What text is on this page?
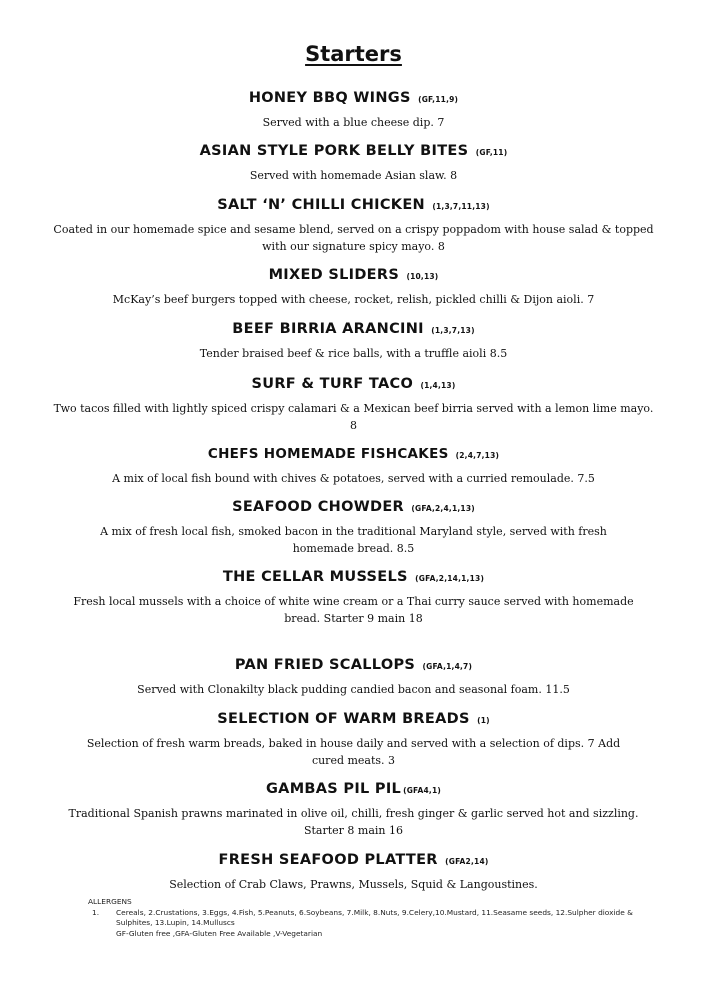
Starters
HONEY BBQ WINGS (GF,11,9)
Served with a blue cheese dip. 7
ASIAN STYLE PORK BELLY BITES (GF,11)
Served with homemade Asian slaw. 8
SALT ‘N’ CHILLI CHICKEN (1,3,7,11,13)
Coated in our homemade spice and sesame blend, served on a crispy poppadom with house salad & topped with our signature spicy mayo. 8
MIXED SLIDERS (10,13)
McKay’s beef burgers topped with cheese, rocket, relish, pickled chilli & Dijon aioli. 7
BEEF BIRRIA ARANCINI (1,3,7,13)
Tender braised beef & rice balls, with a truffle aioli 8.5
SURF & TURF TACO (1,4,13)
Two tacos filled with lightly spiced crispy calamari & a Mexican beef birria served with a lemon lime mayo. 8
CHEFS HOMEMADE FISHCAKES (2,4,7,13)
A mix of local fish bound with chives & potatoes, served with a curried remoulade. 7.5
SEAFOOD CHOWDER (GFA,2,4,1,13)
A mix of fresh local fish, smoked bacon in the traditional Maryland style, served with fresh homemade bread. 8.5
THE CELLAR MUSSELS (GFA,2,14,1,13)
Fresh local mussels with a choice of white wine cream or a Thai curry sauce served with homemade bread. Starter 9 main 18
PAN FRIED SCALLOPS (GFA,1,4,7)
Served with Clonakilty black pudding candied bacon and seasonal foam. 11.5
SELECTION OF WARM BREADS (1)
Selection of fresh warm breads, baked in house daily and served with a selection of dips. 7 Add cured meats. 3
GAMBAS PIL PIL (GFA4,1)
Traditional Spanish prawns marinated in olive oil, chilli, fresh ginger & garlic served hot and sizzling. Starter 8 main 16
FRESH SEAFOOD PLATTER (GFA2,14)
Selection of Crab Claws, Prawns, Mussels, Squid & Langoustines.
ALLERGENS
1.	Cereals, 2.Crustations, 3.Eggs, 4.Fish, 5.Peanuts, 6.Soybeans, 7.Milk, 8.Nuts, 9.Celery,10.Mustard, 11.Seasame seeds, 12.Sulpher dioxide & Sulphites, 13.Lupin, 14.Mulluscs
GF-Gluten free ,GFA-Gluten Free Available ,V-Vegetarian
